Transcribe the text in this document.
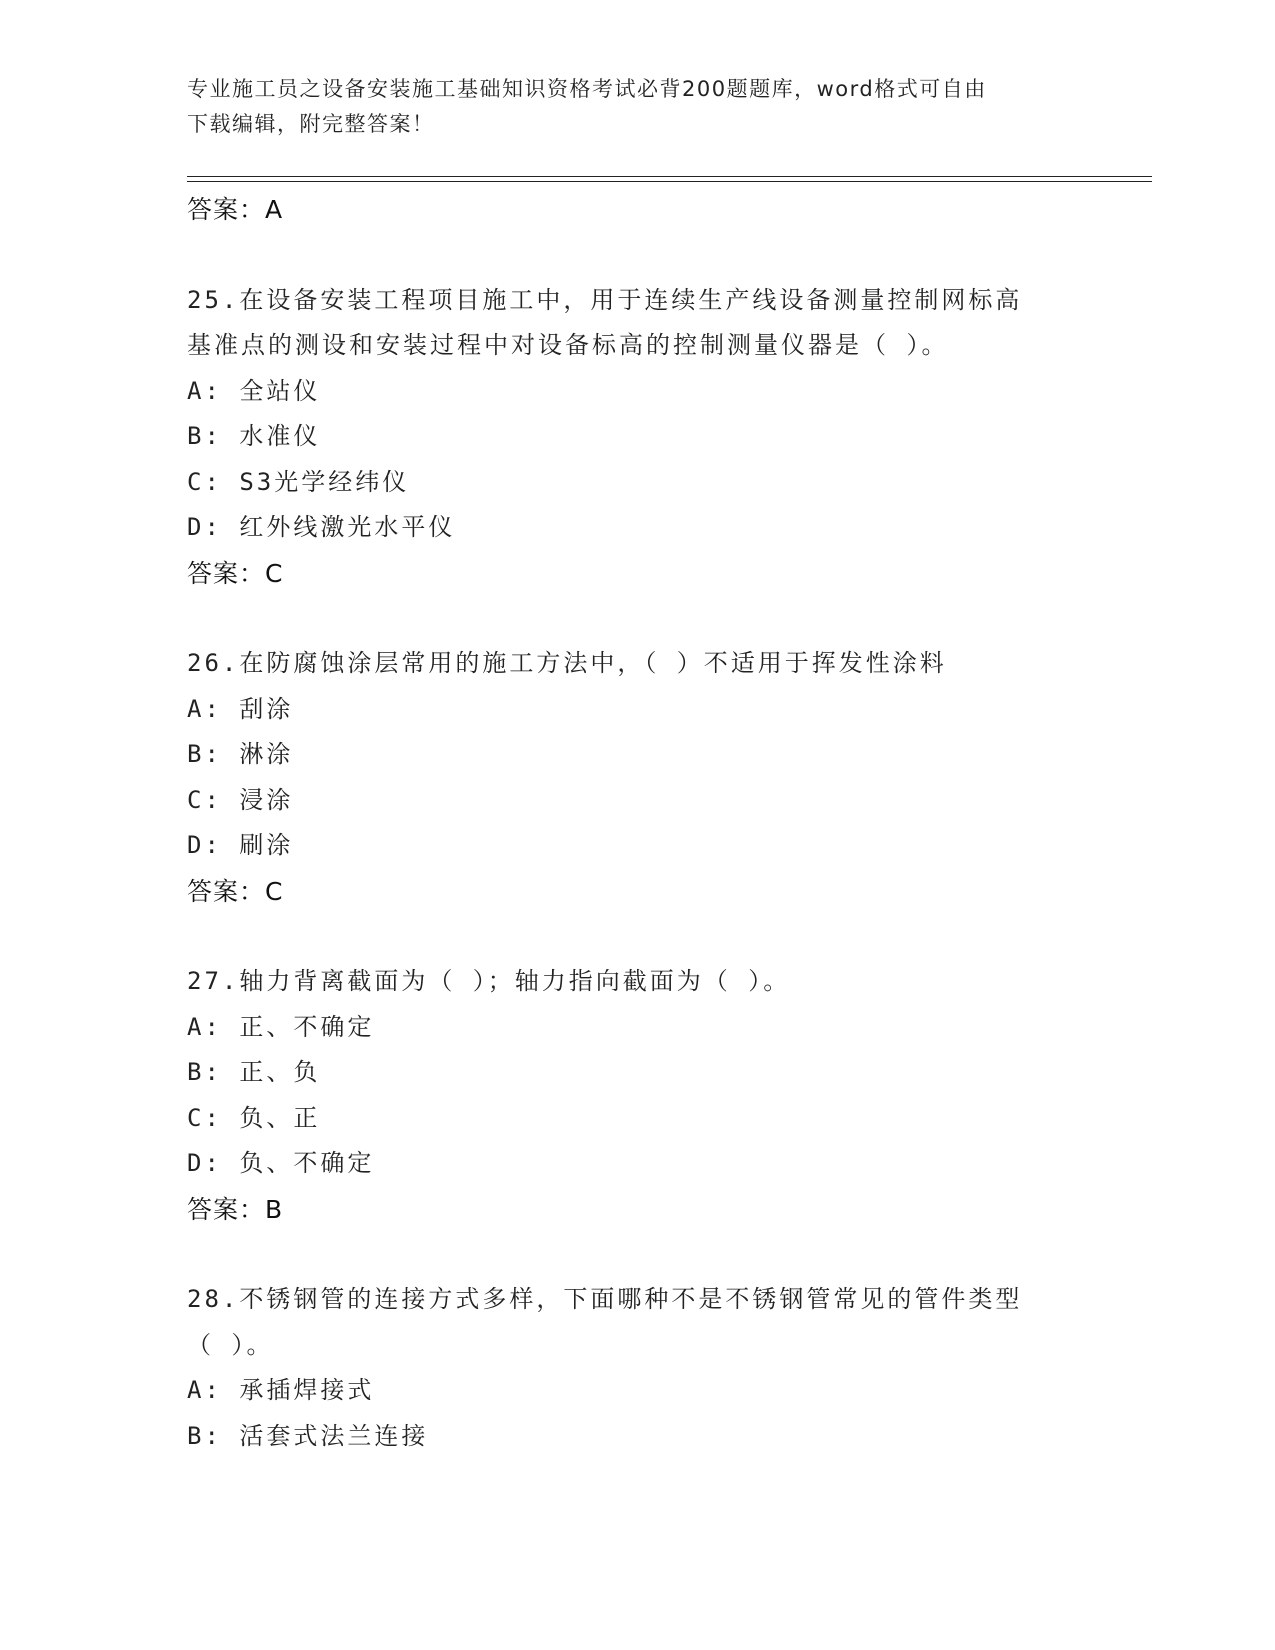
专业施工员之设备安装施工基础知识资格考试必背200题题库，word格式可自由
下载编辑，附完整答案！
答案：A
25.在设备安装工程项目施工中，用于连续生产线设备测量控制网标高
基准点的测设和安装过程中对设备标高的控制测量仪器是（ ）。
A: 全站仪
B: 水准仪
C: S3光学经纬仪
D: 红外线激光水平仪
答案：C
26.在防腐蚀涂层常用的施工方法中，（ ）不适用于挥发性涂料
A: 刮涂
B: 淋涂
C: 浸涂
D: 刷涂
答案：C
27.轴力背离截面为（ ）；轴力指向截面为（ ）。
A: 正、不确定
B: 正、负
C: 负、正
D: 负、不确定
答案：B
28.不锈钢管的连接方式多样，下面哪种不是不锈钢管常见的管件类型
（ ）。
A: 承插焊接式
B: 活套式法兰连接
